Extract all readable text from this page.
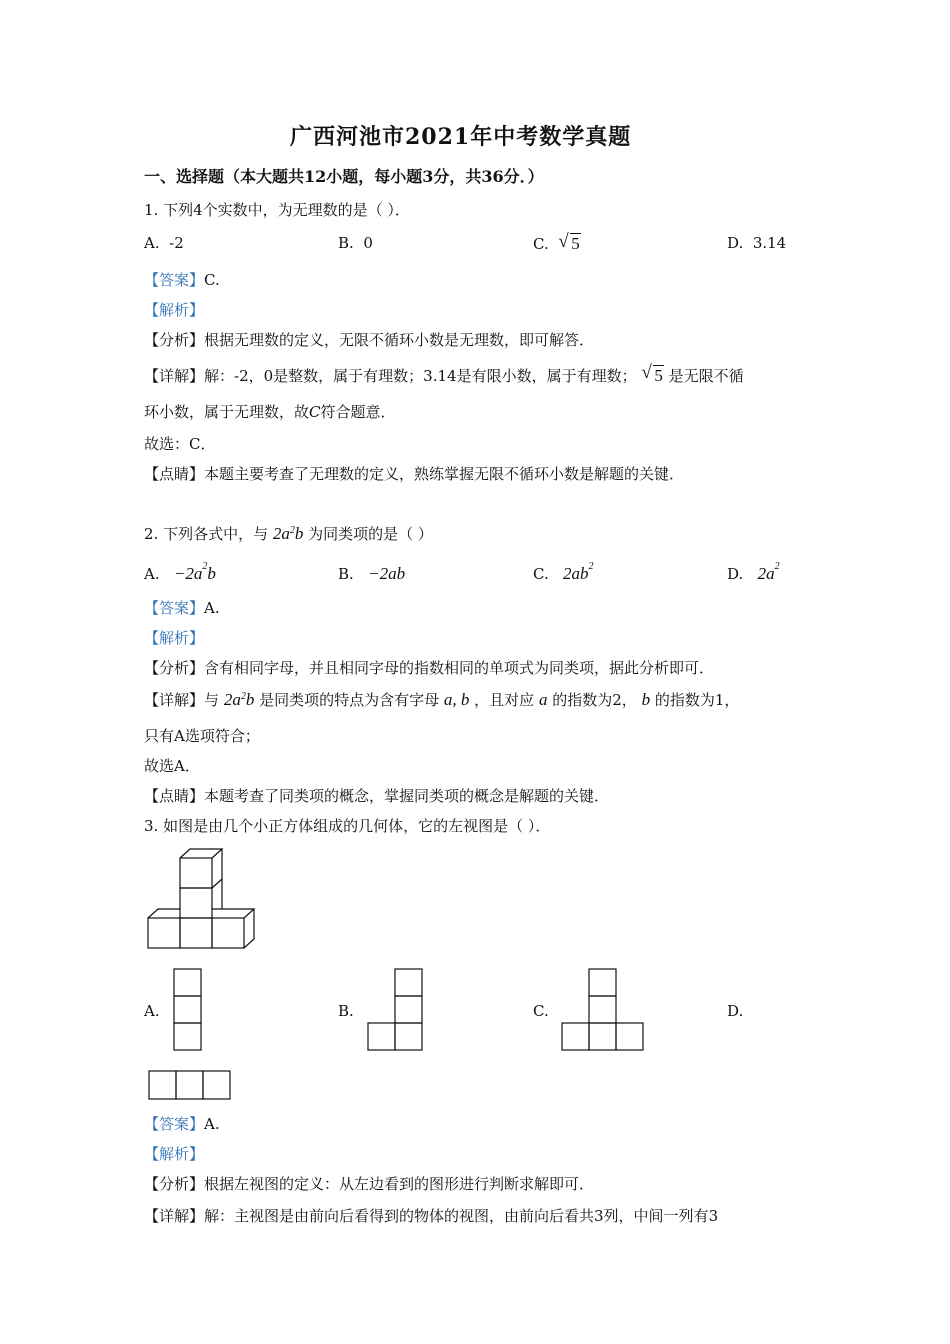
广西河池市2021年中考数学真题
一、选择题（本大题共12小题，每小题3分，共36分．）
1. 下列4个实数中，为无理数的是（ ）．
A. -2	B. 0	C. √ 5	D. 3.14
【答案】C.
【解析】
【分析】根据无理数的定义，无限不循环小数是无理数，即可解答．
【详解】解：-2，0是整数，属于有理数；3.14是有限小数，属于有理数； √ 5 是无限不循
环小数，属于无理数，故C符合题意．
故选：C．
【点睛】本题主要考查了无理数的定义，熟练掌握无限不循环小数是解题的关键．
2. 下列各式中，与 $2a^2b$ 为同类项的是（ ）
A. $-2a^2b$	B. −2ab	C. $2ab^2$	D. $2a^2$
【答案】A.
【解析】
【分析】含有相同字母，并且相同字母的指数相同的单项式为同类项，据此分析即可．
【详解】与 $2a^2b$ 是同类项的特点为含有字母 a, b ，且对应 a 的指数为2， b 的指数为1，
只有A选项符合；
故选A．
【点睛】本题考查了同类项的概念，掌握同类项的概念是解题的关键．
3. 如图是由几个小正方体组成的几何体，它的左视图是（ ）．
A.	B.	C.	D.
【答案】A.
【解析】
【分析】根据左视图的定义：从左边看到的图形进行判断求解即可．
【详解】解：主视图是由前向后看得到的物体的视图，由前向后看共3列，中间一列有3
